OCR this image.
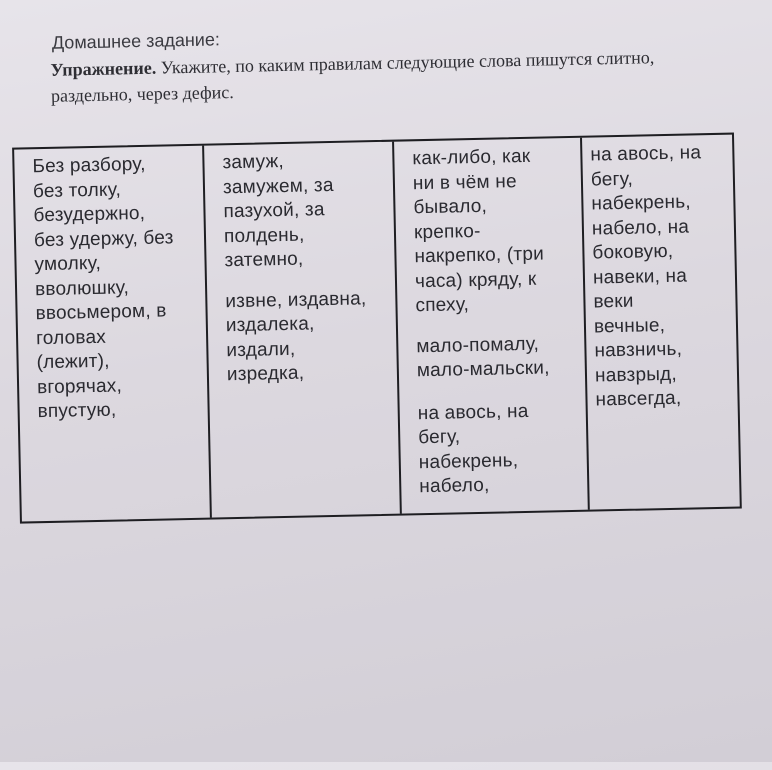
Домашнее задание:
Упражнение. Укажите, по каким правилам следующие слова пишутся слитно, раздельно, через дефис.
Без разбору,
без толку,
безудержно,
без удержу, без
умолку,
вволюшку,
ввосьмером, в
головах
(лежит),
вгорячах,
впустую,
замуж,
замужем, за
пазухой, за
полдень,
затемно,
извне, издавна,
издалека,
издали,
изредка,
как-либо, как
ни в чём не
бывало,
крепко-
накрепко, (три
часа) кряду, к
спеху,
мало-помалу,
мало-мальски,
на авось, на
бегу,
набекрень,
набело,
на авось, на
бегу,
набекрень,
набело, на
боковую,
навеки, на веки
вечные,
навзничь,
навзрыд,
навсегда,
